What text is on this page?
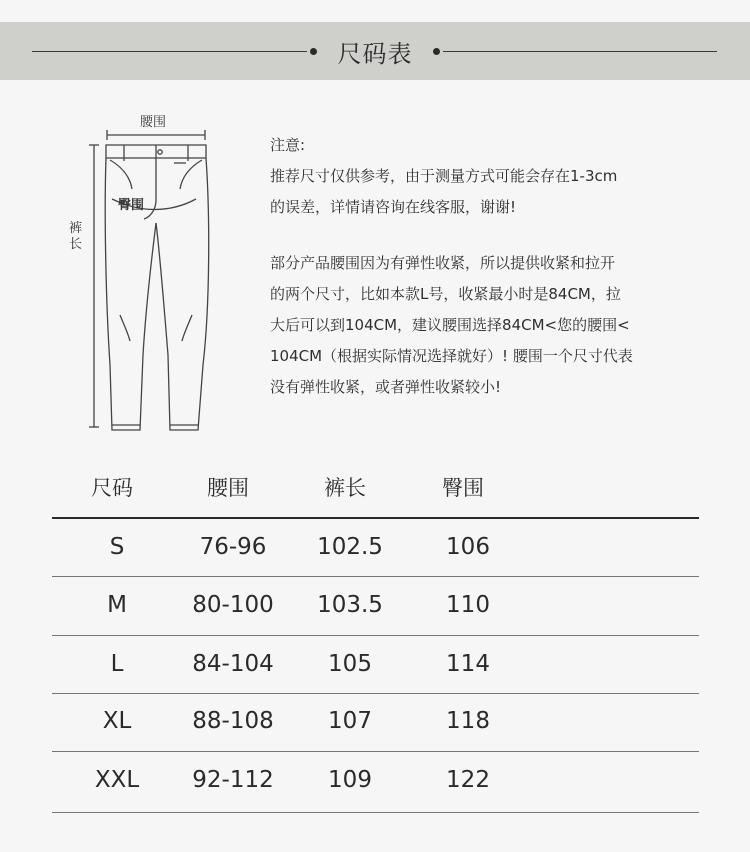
尺码表
腰围
臀围
裤长

注意:

推荐尺寸仅供参考，由于测量方式可能会存在1-3cm

的误差，详情请咨询在线客服，谢谢!

部分产品腰围因为有弹性收紧，所以提供收紧和拉开

的两个尺寸，比如本款L号，收紧最小时是84CM，拉

大后可以到104CM，建议腰围选择84CM<您的腰围<

104CM（根据实际情况选择就好）! 腰围一个尺寸代表

没有弹性收紧，或者弹性收紧较小!

尺码	腰围	裤长	臀围
S	76-96	102.5	106
M	80-100	103.5	110
L	84-104	105	114
XL	88-108	107	118
XXL	92-112	109	122
